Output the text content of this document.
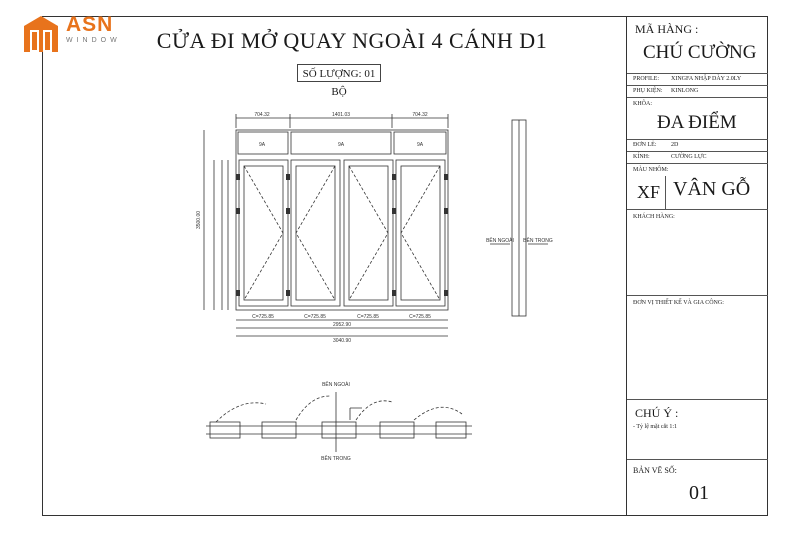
ASN
WINDOW	CỬA ĐI MỞ QUAY NGOÀI 4 CÁNH D1
SỐ LƯỢNG: 01 BỘ
704.32	1401.03	704.32
9A	9A	9A
C=725.85	C=725.85	C=725.85	C=725.85
2952.90
3040.90
3500.00
BÊN NGOÀI
BÊN TRONG
BÊN NGOÀI BÊN TRONG
MÃ HÀNG :
CHÚ CƯỜNG
PROFILE: XINGFA NHẬP DÀY 2.0LY
PHỤ KIỆN: KINLONG
KHÔA:
ĐA ĐIỂM
ĐƠN LẺ: 2D
KÍNH:	CƯỜNG LỰC
MÀU NHÔM:
XF VÂN GỖ
KHÁCH HÀNG:
ĐƠN VỊ THIẾT KẾ VÀ GIA CÔNG:
CHÚ Ý :
- Tỷ lệ mặt cắt 1:1
BẢN VẼ SỐ:
01
